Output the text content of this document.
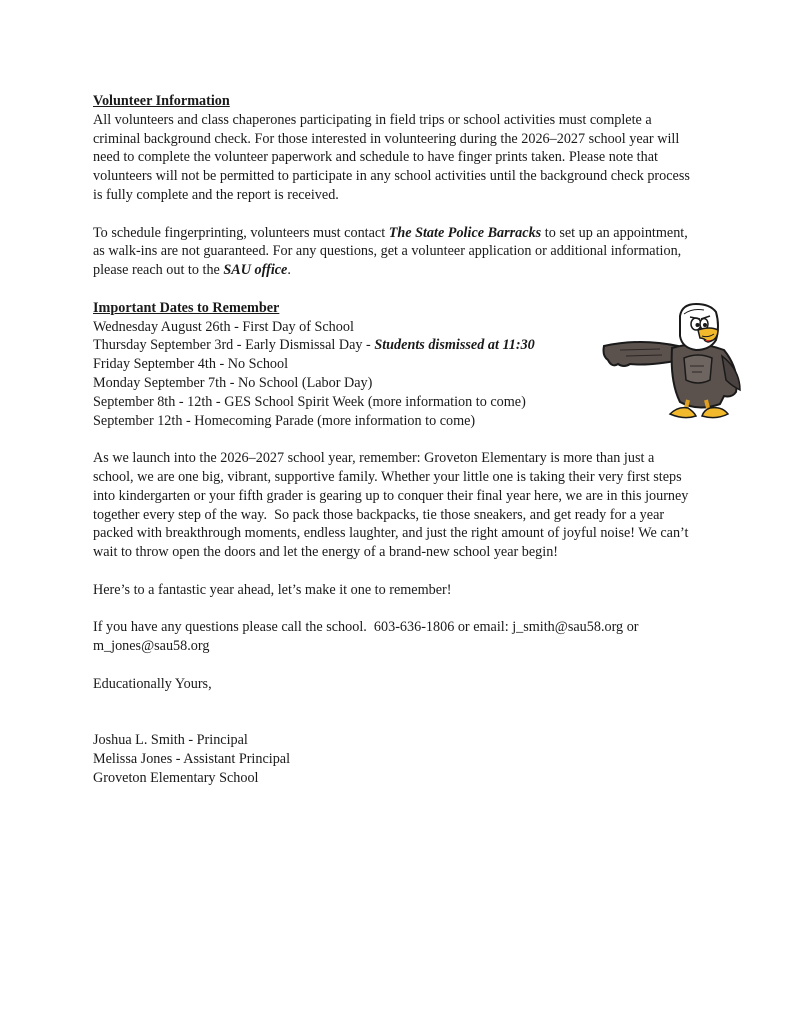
Volunteer Information
All volunteers and class chaperones participating in field trips or school activities must complete a
criminal background check. For those interested in volunteering during the 2026–2027 school year will
need to complete the volunteer paperwork and schedule to have finger prints taken. Please note that
volunteers will not be permitted to participate in any school activities until the background check process
is fully complete and the report is received.
To schedule fingerprinting, volunteers must contact The State Police Barracks to set up an appointment,
as walk-ins are not guaranteed. For any questions, get a volunteer application or additional information,
please reach out to the SAU office.
Important Dates to Remember
Wednesday August 26th - First Day of School
Thursday September 3rd - Early Dismissal Day - Students dismissed at 11:30
Friday September 4th - No School
Monday September 7th - No School (Labor Day)
September 8th - 12th - GES School Spirit Week (more information to come)
September 12th - Homecoming Parade (more information to come)
As we launch into the 2026–2027 school year, remember: Groveton Elementary is more than just a
school, we are one big, vibrant, supportive family. Whether your little one is taking their very first steps
into kindergarten or your fifth grader is gearing up to conquer their final year here, we are in this journey
together every step of the way.  So pack those backpacks, tie those sneakers, and get ready for a year
packed with breakthrough moments, endless laughter, and just the right amount of joyful noise! We can’t
wait to throw open the doors and let the energy of a brand-new school year begin!
Here’s to a fantastic year ahead, let’s make it one to remember!
If you have any questions please call the school.  603-636-1806 or email: j_smith@sau58.org or
m_jones@sau58.org
Educationally Yours,
Joshua L. Smith - Principal
Melissa Jones - Assistant Principal
Groveton Elementary School
